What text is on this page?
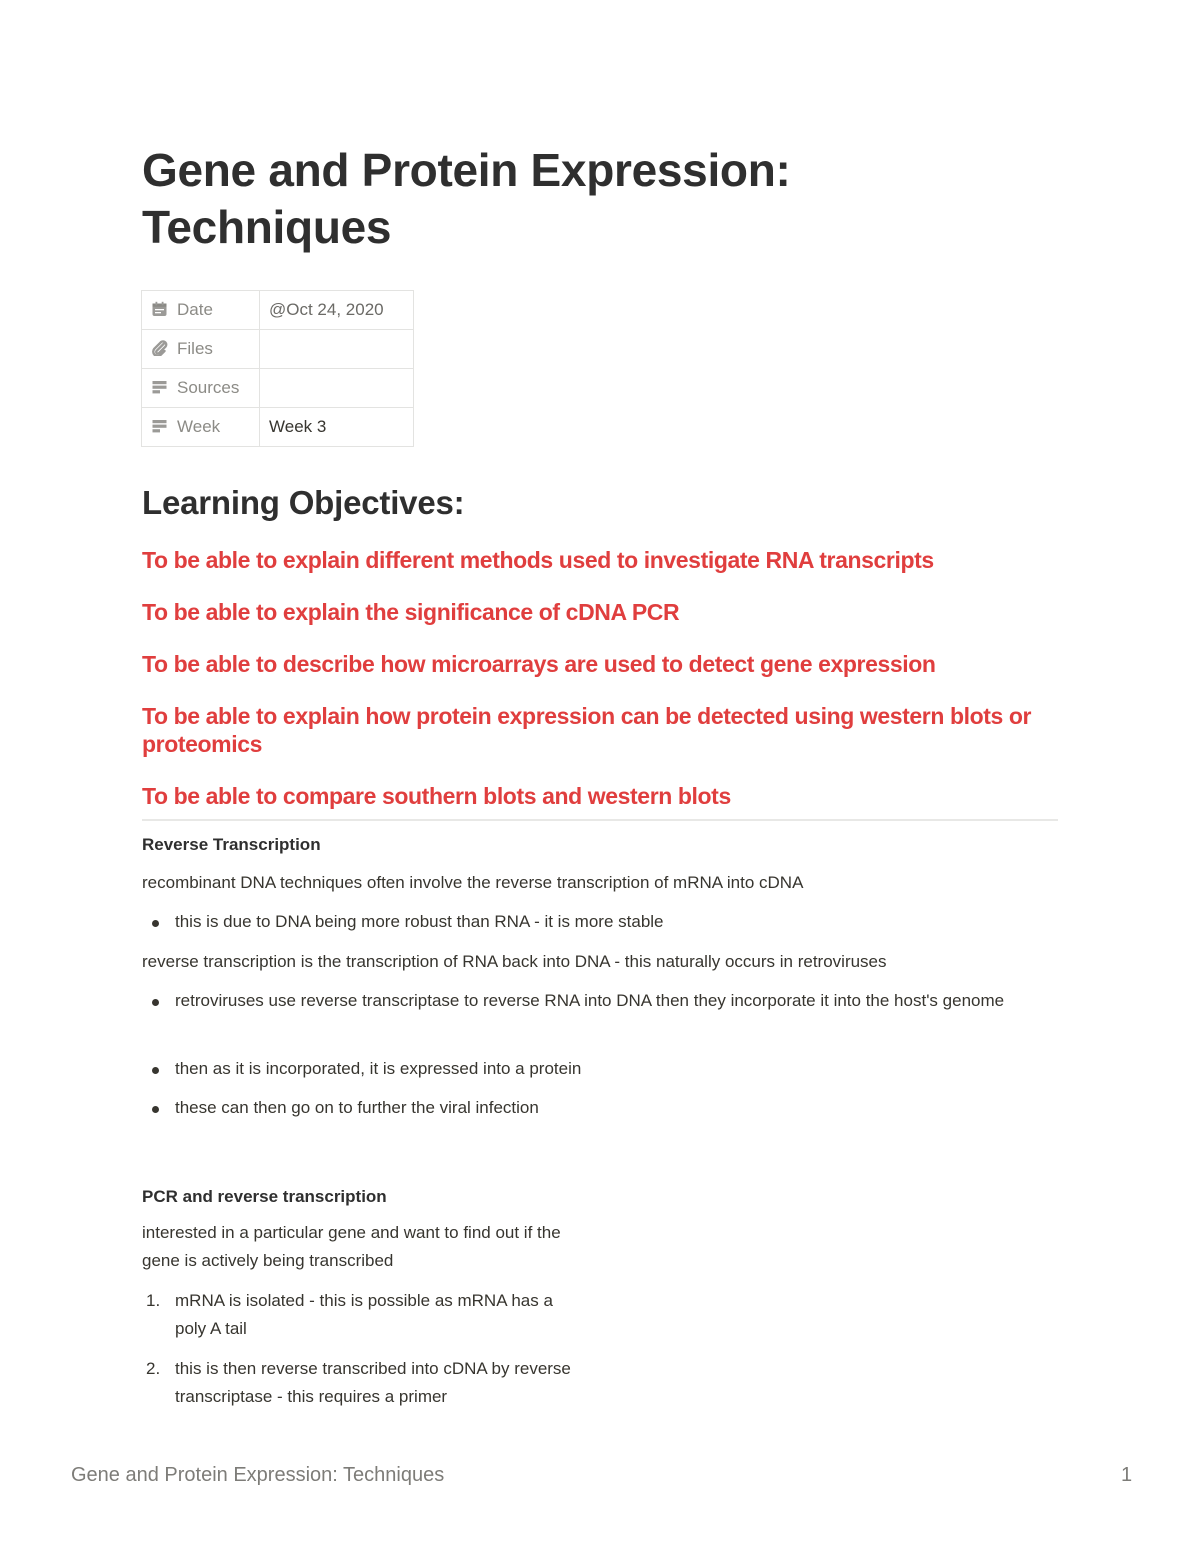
Gene and Protein Expression: Techniques
Date	@Oct 24, 2020
Files	
Sources	
Week	Week 3
Learning Objectives:

To be able to explain different methods used to investigate RNA transcripts

To be able to explain the significance of cDNA PCR

To be able to describe how microarrays are used to detect gene expression

To be able to explain how protein expression can be detected using western blots or proteomics

To be able to compare southern blots and western blots

Reverse Transcription

recombinant DNA techniques often involve the reverse transcription of mRNA into cDNA

this is due to DNA being more robust than RNA - it is more stable

reverse transcription is the transcription of RNA back into DNA - this naturally occurs in retroviruses

retroviruses use reverse transcriptase to reverse RNA into DNA then they incorporate it into the host's genome

then as it is incorporated, it is expressed into a protein

these can then go on to further the viral infection

PCR and reverse transcription

interested in a particular gene and want to find out if the gene is actively being transcribed

1. mRNA is isolated - this is possible as mRNA has a poly A tail

2. this is then reverse transcribed into cDNA by reverse transcriptase - this requires a primer

Gene and Protein Expression: Techniques	1
